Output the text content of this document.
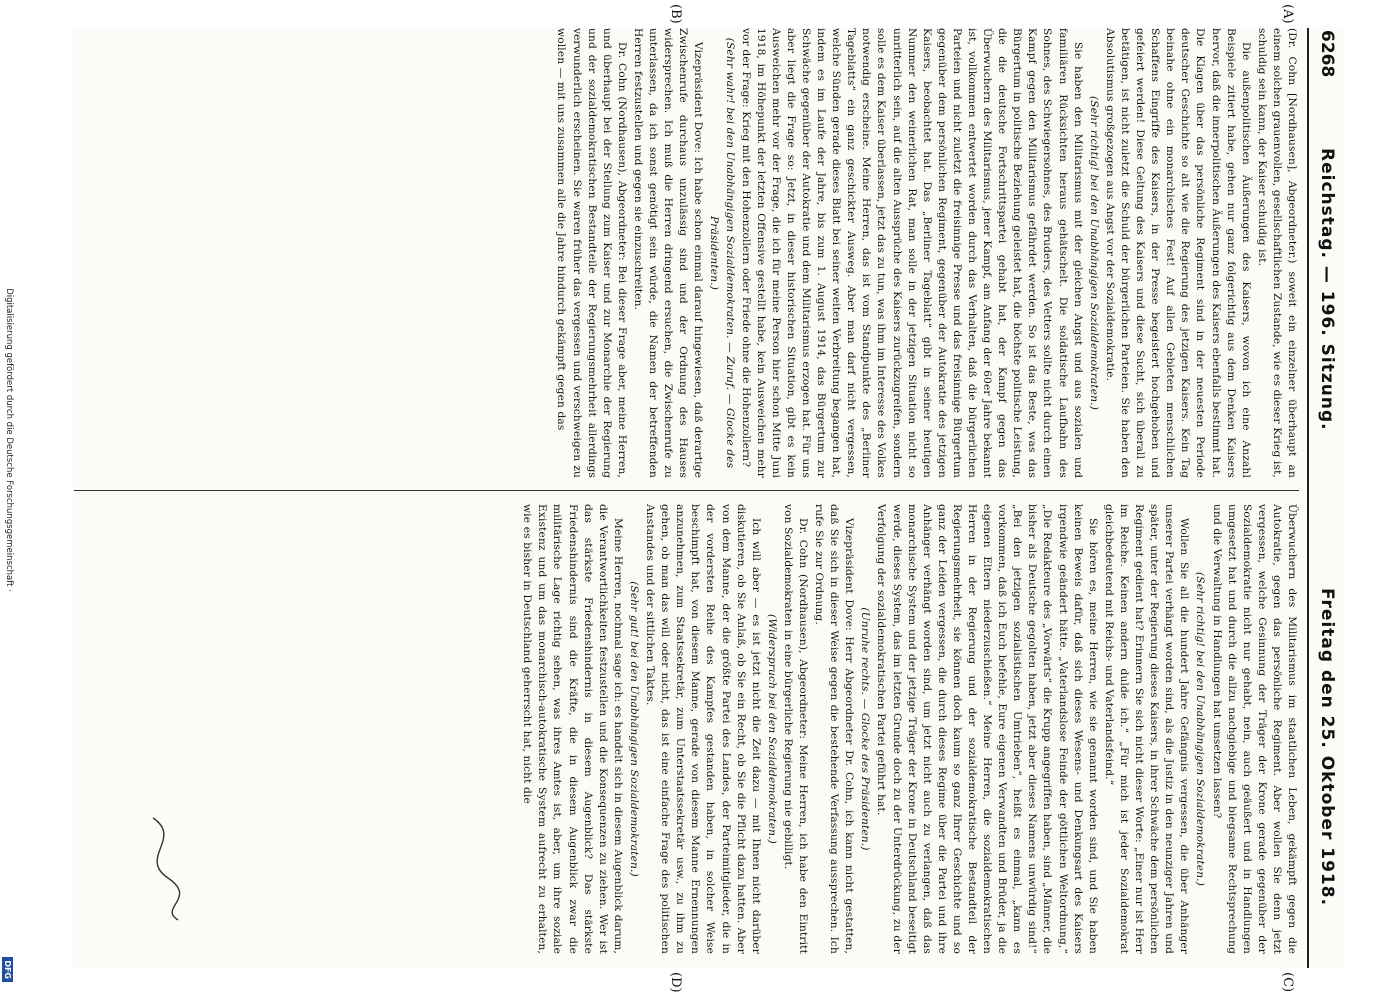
6268
Reichstag. — 196. Sitzung.
Freitag den 25. Oktober 1918.
(A)
(B)
(C)
(D)

(Dr. Cohn [Nordhausen], Abgeordneter.) soweit ein einzelner überhaupt an einem solchen grauenvollen, gesellschaftlichen Zustande, wie es dieser Krieg ist, schuldig sein kann, der Kaiser schuldig ist.

Die außenpolitischen Äußerungen des Kaisers, wovon ich eine Anzahl Beispiele zitiert habe, gehen nur ganz folgerichtig aus dem Denken Kaisers hervor, daß die innerpolitischen Äußerungen des Kaisers ebenfalls bestimmt hat. Die Klagen über das persönliche Regiment sind in der neuesten Periode deutscher Geschichte so alt wie die Regierung des jetzigen Kaisers. Kein Tag beinahe ohne ein monarchisches Fest! Auf allen Gebieten menschlichen Schaffens Eingriffe des Kaisers, in der Presse begeistert hochgehoben und gefeiert werden! Diese Geltung des Kaisers und diese Sucht, sich überall zu betätigen, ist nicht zuletzt die Schuld der bürgerlichen Parteien. Sie haben den Absolutismus großgezogen aus Angst vor der Sozialdemokratie.

(Sehr richtig! bei den Unabhängigen Sozialdemokraten.)

Sie haben den Militarismus mit der gleichen Angst und aus sozialen und familiären Rücksichten heraus gehätschelt. Die soldatische Laufbahn des Sohnes, des Schwiegersohnes, des Bruders, des Vetters sollte nicht durch einen Kampf gegen den Militarismus gefährdet werden. So ist das Beste, was das Bürgertum in politische Beziehung geleistet hat, die höchste politische Leistung, die die deutsche Fortschrittspartei gehabt hat, der Kampf gegen das Überwuchern des Militarismus, jener Kampf, am Anfang der 60er Jahre bekannt ist, vollkommen entwertet worden durch das Verhalten, daß die bürgerlichen Parteien und nicht zuletzt die freisinnige Presse und das freisinnige Bürgertum gegenüber dem persönlichen Regiment, gegenüber der Autokratie des jetzigen Kaisers, beobachtet hat. Das „Berliner Tageblatt“ gibt in seiner heutigen Nummer den weinerlichen Rat, man solle in der jetzigen Situation nicht so unritterlich sein, auf die alten Aussprüche des Kaisers zurückzugreifen, sondern solle es dem Kaiser überlassen, jetzt das zu tun, was ihm im Interesse des Volkes notwendig erscheine. Meine Herren, das ist vom Standpunkte des „Berliner Tageblatts“ ein ganz geschickter Ausweg. Aber man darf nicht vergessen, welche Sünden gerade dieses Blatt bei seiner weiten Verbreitung begangen hat, indem es im Laufe der Jahre, bis zum 1. August 1914, das Bürgertum zur Schwäche gegenüber der Autokratie und dem Militarismus erzogen hat. Für uns aber liegt die Frage so: Jetzt, in dieser historischen Situation, gibt es kein Ausweichen mehr vor der Frage, die ich für meine Person hier schon Mitte Juni 1918, im Höhepunkt der letzten Offensive gestellt habe, kein Ausweichen mehr vor der Frage: Krieg mit den Hohenzollern oder Friede ohne die Hohenzollern?

(Sehr wahr! bei den Unabhängigen Sozialdemokraten. — Zuruf. — Glocke des Präsidenten.)

Vizepräsident Dove: Ich habe schon einmal darauf hingewiesen, daß derartige Zwischenrufe durchaus unzulässig sind und der Ordnung des Hauses widersprechen. Ich muß die Herren dringend ersuchen, die Zwischenrufe zu unterlassen, da ich sonst genötigt sein würde, die Namen der betreffenden Herren festzustellen und gegen sie einzuschreiten.

Dr. Cohn (Nordhausen), Abgeordneter: Bei dieser Frage aber, meine Herren, und überhaupt bei der Stellung zum Kaiser und zur Monarchie der Regierung und der sozialdemokratischen Bestandteile der Regierungsmehrheit allerdings verwunderlich erscheinen. Sie waren früher das vergessen und verschweigen zu wollen — mit uns zusammen alle die Jahre hindurch gekämpft gegen das

Überwuchern des Militarismus im staatlichen Leben, gekämpft gegen die Autokratie, gegen das persönliche Regiment. Aber wollen Sie denn jetzt vergessen, welche Gesinnung der Träger der Krone gerade gegenüber der Sozialdemokratie nicht nur gehabt, nein, auch geäußert und in Handlungen umgesetzt hat und durch die allzu nachgiebige und biegsame Rechtsprechung und die Verwaltung in Handlungen hat umsetzen lassen?

(Sehr richtig! bei den Unabhängigen Sozialdemokraten.)

Wollen Sie all die hundert Jahre Gefängnis vergessen, die über Anhänger unserer Partei verhängt worden sind, als die Justiz in den neunziger Jahren und später, unter der Regierung dieses Kaisers, in ihrer Schwäche dem persönlichen Regiment gedient hat? Erinnern Sie sich nicht dieser Worte: „Einer nur ist Herr im Reiche. Keinen andern dulde ich.“ „Für mich ist jeder Sozialdemokrat gleichbedeutend mit Reichs- und Vaterlandsfeind.“

Sie hören es, meine Herren, wie sie genannt worden sind, und Sie haben keinen Beweis dafür, daß sich dieses Wesens- und Denkungsart des Kaisers irgendwie geändert hätte. „Vaterlandslose Feinde der göttlichen Weltordnung,“ „Die Redakteure des „Vorwärts“ die Krupp angegriffen haben, sind „Männer, die bisher als Deutsche gegolten haben, jetzt aber dieses Namens unwürdig sind!“ „Bei den jetzigen sozialistischen Umtrieben“, heißt es einmal, „kann es vorkommen, daß ich Euch befehle, Eure eigenen Verwandten und Brüder, ja die eigenen Eltern niederzuschießen.“ Meine Herren, die sozialdemokratischen Herren in der Regierung und der sozialdemokratische Bestandteil der Regierungsmehrheit, sie können doch kaum so ganz Ihrer Geschichte und so ganz der Leiden vergessen, die durch dieses Regime über die Partei und ihre Anhänger verhängt worden sind, um jetzt nicht auch zu verlangen, daß das monarchische System und der jetzige Träger der Krone in Deutschland beseitigt werde, dieses System, das im letzten Grunde doch zu der Unterdrückung, zu der Verfolgung der sozialdemokratischen Partei geführt hat.

(Unruhe rechts. — Glocke des Präsidenten.)

Vizepräsident Dove: Herr Abgeordneter Dr. Cohn, ich kann nicht gestatten, daß Sie sich in dieser Weise gegen die bestehende Verfassung aussprechen. Ich rufe Sie zur Ordnung.

Dr. Cohn (Nordhausen), Abgeordneter: Meine Herren, ich habe den Eintritt von Sozialdemokraten in eine bürgerliche Regierung nie gebilligt.

(Widerspruch bei den Sozialdemokraten.)

Ich will aber — es ist jetzt nicht die Zeit dazu — mit Ihnen nicht darüber diskutieren, ob Sie Anlaß, ob Sie ein Recht, ob Sie die Pflicht dazu hatten. Aber von dem Manne, der die größte Partei des Landes, der Parteimitglieder, die in der vordersten Reihe des Kampfes gestanden haben, in solcher Weise beschimpft hat, von diesem Manne, gerade von diesem Manne Ernennungen anzunehmen, zum Staatssekretär, zum Unterstaatssekretär usw., zu ihm zu gehen, ob man das will oder nicht, das ist eine einfache Frage des politischen Anstandes und der sittlichen Taktes.

(Sehr gut! bei den Unabhängigen Sozialdemokraten.)

Meine Herren, nochmal sage ich: es handelt sich in diesem Augenblick darum, die Verantwortlichkeiten festzustellen und die Konsequenzen zu ziehen. Wer ist das stärkste Friedenshindernis in diesem Augenblick? Das stärkste Friedenshindernis sind die Kräfte, die in diesem Augenblick zwar die militärische Lage richtig sehen, was ihres Amtes ist, aber, um ihre soziale Existenz und um das monarchisch-autokratische System aufrecht zu erhalten, wie es bisher in Deutschland geherrscht hat, nicht die

Digitalisierung gefördert durch die Deutsche Forschungsgemeinschaft ·
DFG
